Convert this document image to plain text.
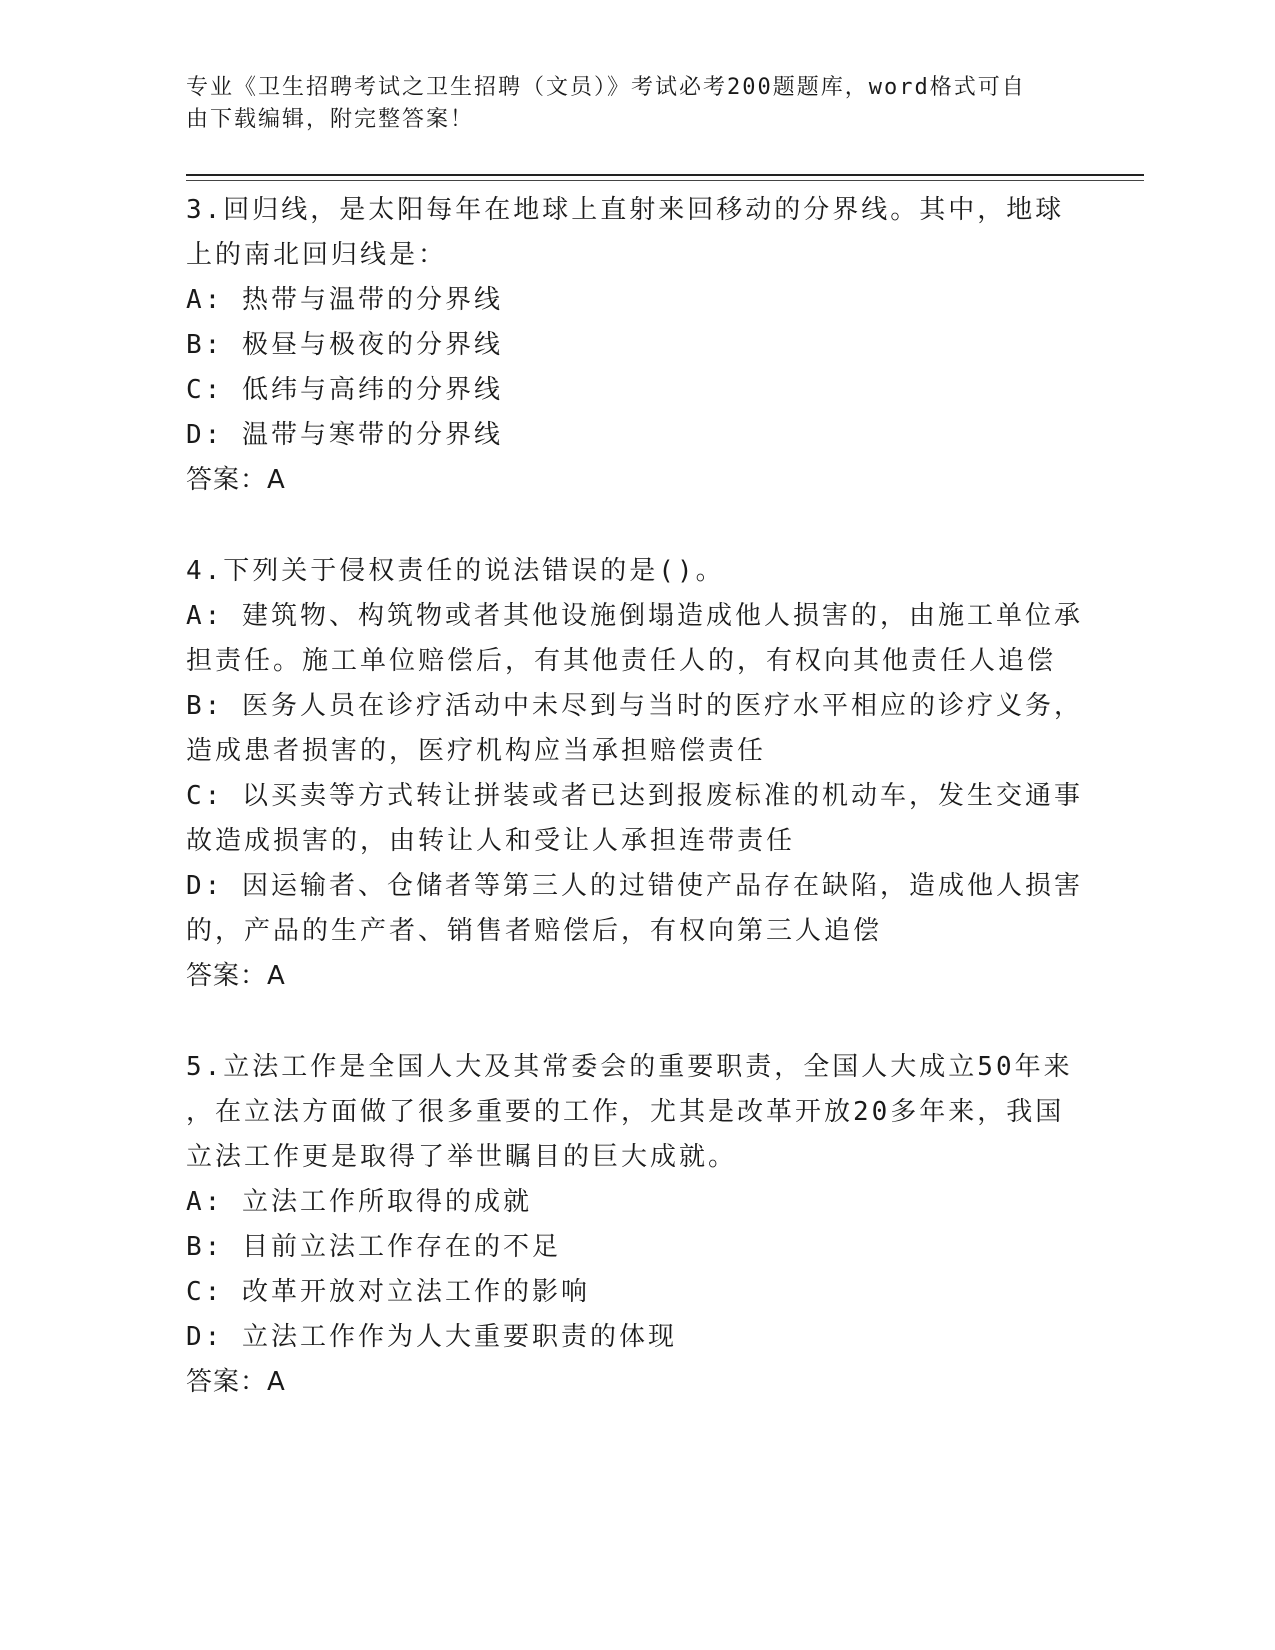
专业《卫生招聘考试之卫生招聘（文员）》考试必考200题题库，word格式可自
由下载编辑，附完整答案！
3.回归线，是太阳每年在地球上直射来回移动的分界线。其中，地球
上的南北回归线是：
A: 热带与温带的分界线
B: 极昼与极夜的分界线
C: 低纬与高纬的分界线
D: 温带与寒带的分界线
答案：A
4.下列关于侵权责任的说法错误的是()。
A: 建筑物、构筑物或者其他设施倒塌造成他人损害的，由施工单位承
担责任。施工单位赔偿后，有其他责任人的，有权向其他责任人追偿
B: 医务人员在诊疗活动中未尽到与当时的医疗水平相应的诊疗义务，
造成患者损害的，医疗机构应当承担赔偿责任
C: 以买卖等方式转让拼装或者已达到报废标准的机动车，发生交通事
故造成损害的，由转让人和受让人承担连带责任
D: 因运输者、仓储者等第三人的过错使产品存在缺陷，造成他人损害
的，产品的生产者、销售者赔偿后，有权向第三人追偿
答案：A
5.立法工作是全国人大及其常委会的重要职责，全国人大成立50年来
，在立法方面做了很多重要的工作，尤其是改革开放20多年来，我国
立法工作更是取得了举世瞩目的巨大成就。
A: 立法工作所取得的成就
B: 目前立法工作存在的不足
C: 改革开放对立法工作的影响
D: 立法工作作为人大重要职责的体现
答案：A
